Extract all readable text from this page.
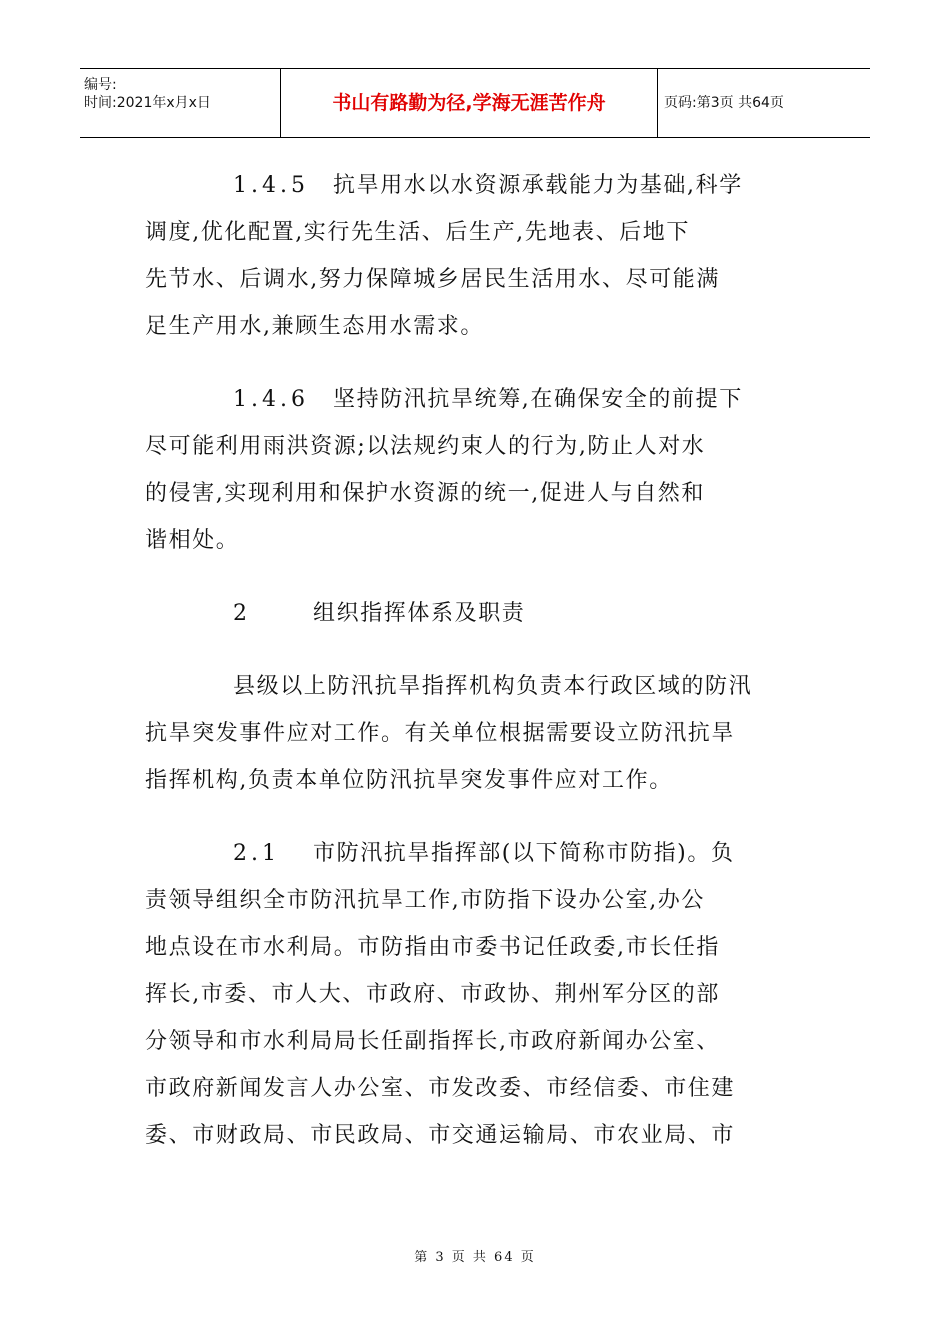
编号:
时间:2021年x月x日	书山有路勤为径,学海无涯苦作舟	页码:第3页 共64页

1.4.5 抗旱用水以水资源承载能力为基础,科学
调度,优化配置,实行先生活、后生产,先地表、后地下
先节水、后调水,努力保障城乡居民生活用水、尽可能满
足生产用水,兼顾生态用水需求。

1.4.6 坚持防汛抗旱统筹,在确保安全的前提下
尽可能利用雨洪资源;以法规约束人的行为,防止人对水
的侵害,实现利用和保护水资源的统一,促进人与自然和
谐相处。

2	组织指挥体系及职责

县级以上防汛抗旱指挥机构负责本行政区域的防汛
抗旱突发事件应对工作。有关单位根据需要设立防汛抗旱
指挥机构,负责本单位防汛抗旱突发事件应对工作。

2.1 市防汛抗旱指挥部(以下简称市防指)。负
责领导组织全市防汛抗旱工作,市防指下设办公室,办公
地点设在市水利局。市防指由市委书记任政委,市长任指
挥长,市委、市人大、市政府、市政协、荆州军分区的部
分领导和市水利局局长任副指挥长,市政府新闻办公室、
市政府新闻发言人办公室、市发改委、市经信委、市住建
委、市财政局、市民政局、市交通运输局、市农业局、市

第 3 页 共 64 页
